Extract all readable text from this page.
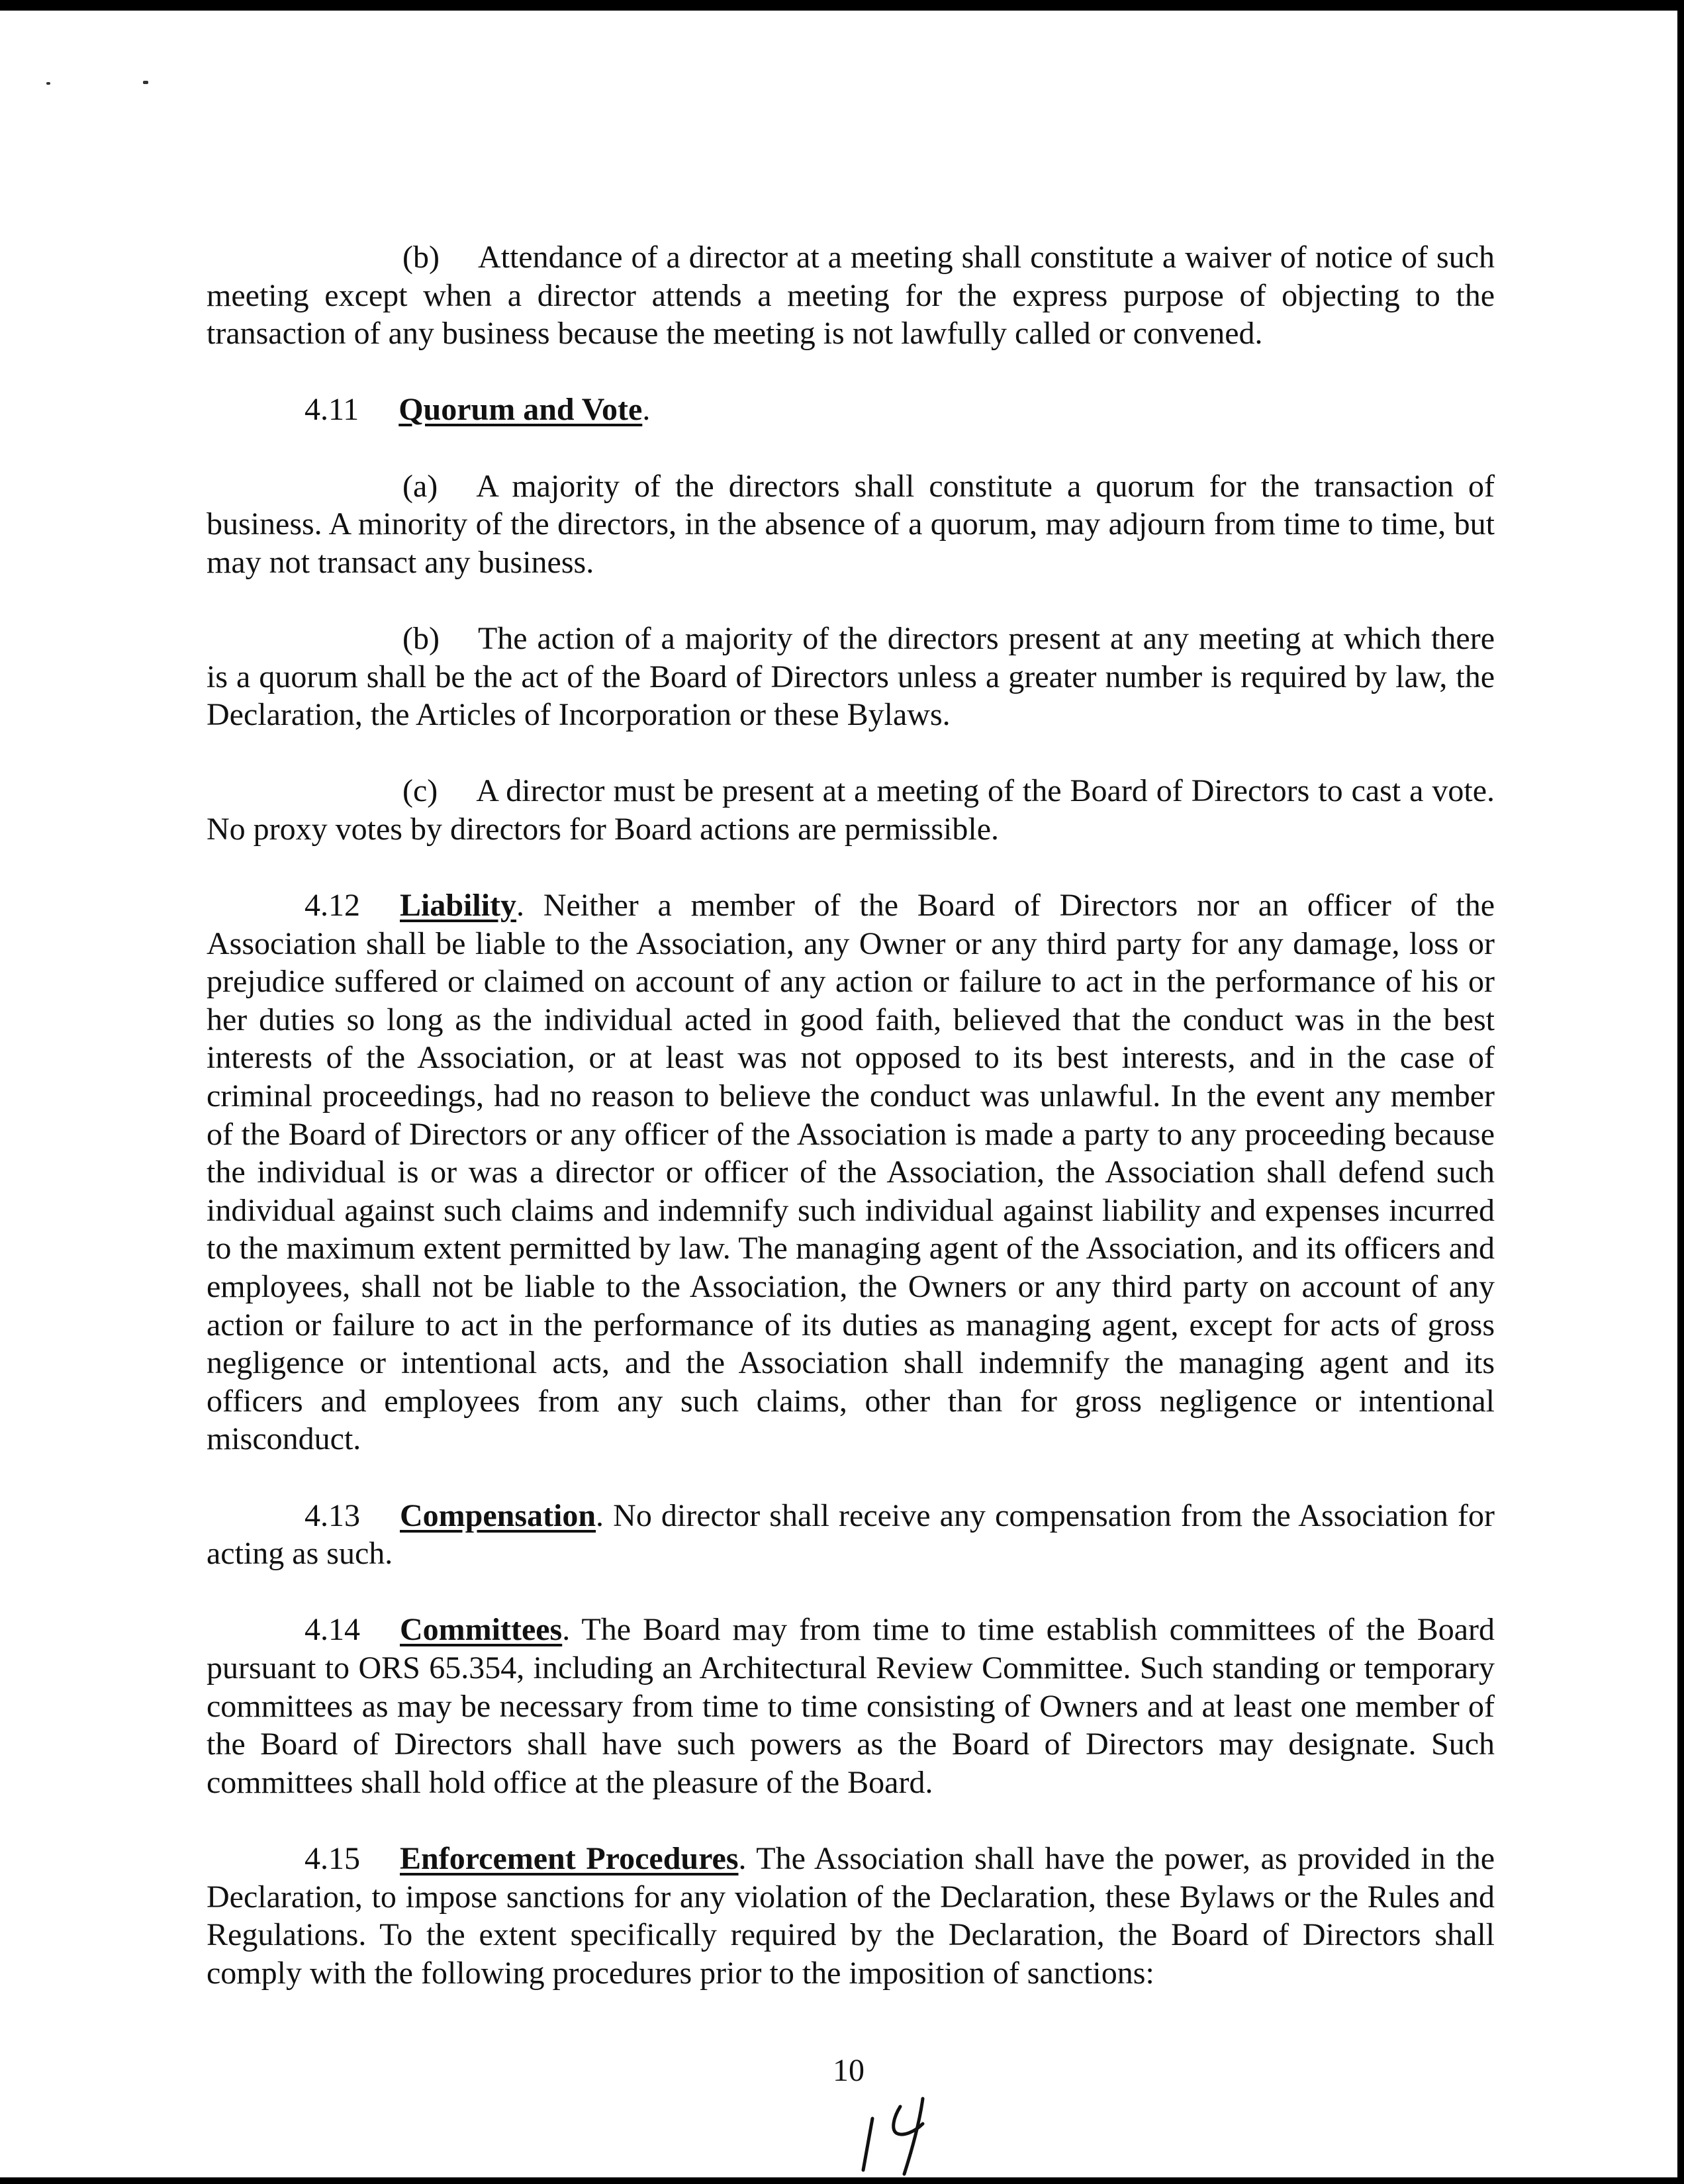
(b) Attendance of a director at a meeting shall constitute a waiver of notice of such meeting except when a director attends a meeting for the express purpose of objecting to the transaction of any business because the meeting is not lawfully called or convened.

4.11 Quorum and Vote.

(a) A majority of the directors shall constitute a quorum for the transaction of business. A minority of the directors, in the absence of a quorum, may adjourn from time to time, but may not transact any business.

(b) The action of a majority of the directors present at any meeting at which there is a quorum shall be the act of the Board of Directors unless a greater number is required by law, the Declaration, the Articles of Incorporation or these Bylaws.

(c) A director must be present at a meeting of the Board of Directors to cast a vote. No proxy votes by directors for Board actions are permissible.

4.12 Liability. Neither a member of the Board of Directors nor an officer of the Association shall be liable to the Association, any Owner or any third party for any damage, loss or prejudice suffered or claimed on account of any action or failure to act in the performance of his or her duties so long as the individual acted in good faith, believed that the conduct was in the best interests of the Association, or at least was not opposed to its best interests, and in the case of criminal proceedings, had no reason to believe the conduct was unlawful. In the event any member of the Board of Directors or any officer of the Association is made a party to any proceeding because the individual is or was a director or officer of the Association, the Association shall defend such individual against such claims and indemnify such individual against liability and expenses incurred to the maximum extent permitted by law. The managing agent of the Association, and its officers and employees, shall not be liable to the Association, the Owners or any third party on account of any action or failure to act in the performance of its duties as managing agent, except for acts of gross negligence or intentional acts, and the Association shall indemnify the managing agent and its officers and employees from any such claims, other than for gross negligence or intentional misconduct.

4.13 Compensation. No director shall receive any compensation from the Association for acting as such.

4.14 Committees. The Board may from time to time establish committees of the Board pursuant to ORS 65.354, including an Architectural Review Committee. Such standing or temporary committees as may be necessary from time to time consisting of Owners and at least one member of the Board of Directors shall have such powers as the Board of Directors may designate. Such committees shall hold office at the pleasure of the Board.

4.15 Enforcement Procedures. The Association shall have the power, as provided in the Declaration, to impose sanctions for any violation of the Declaration, these Bylaws or the Rules and Regulations. To the extent specifically required by the Declaration, the Board of Directors shall comply with the following procedures prior to the imposition of sanctions:

10
